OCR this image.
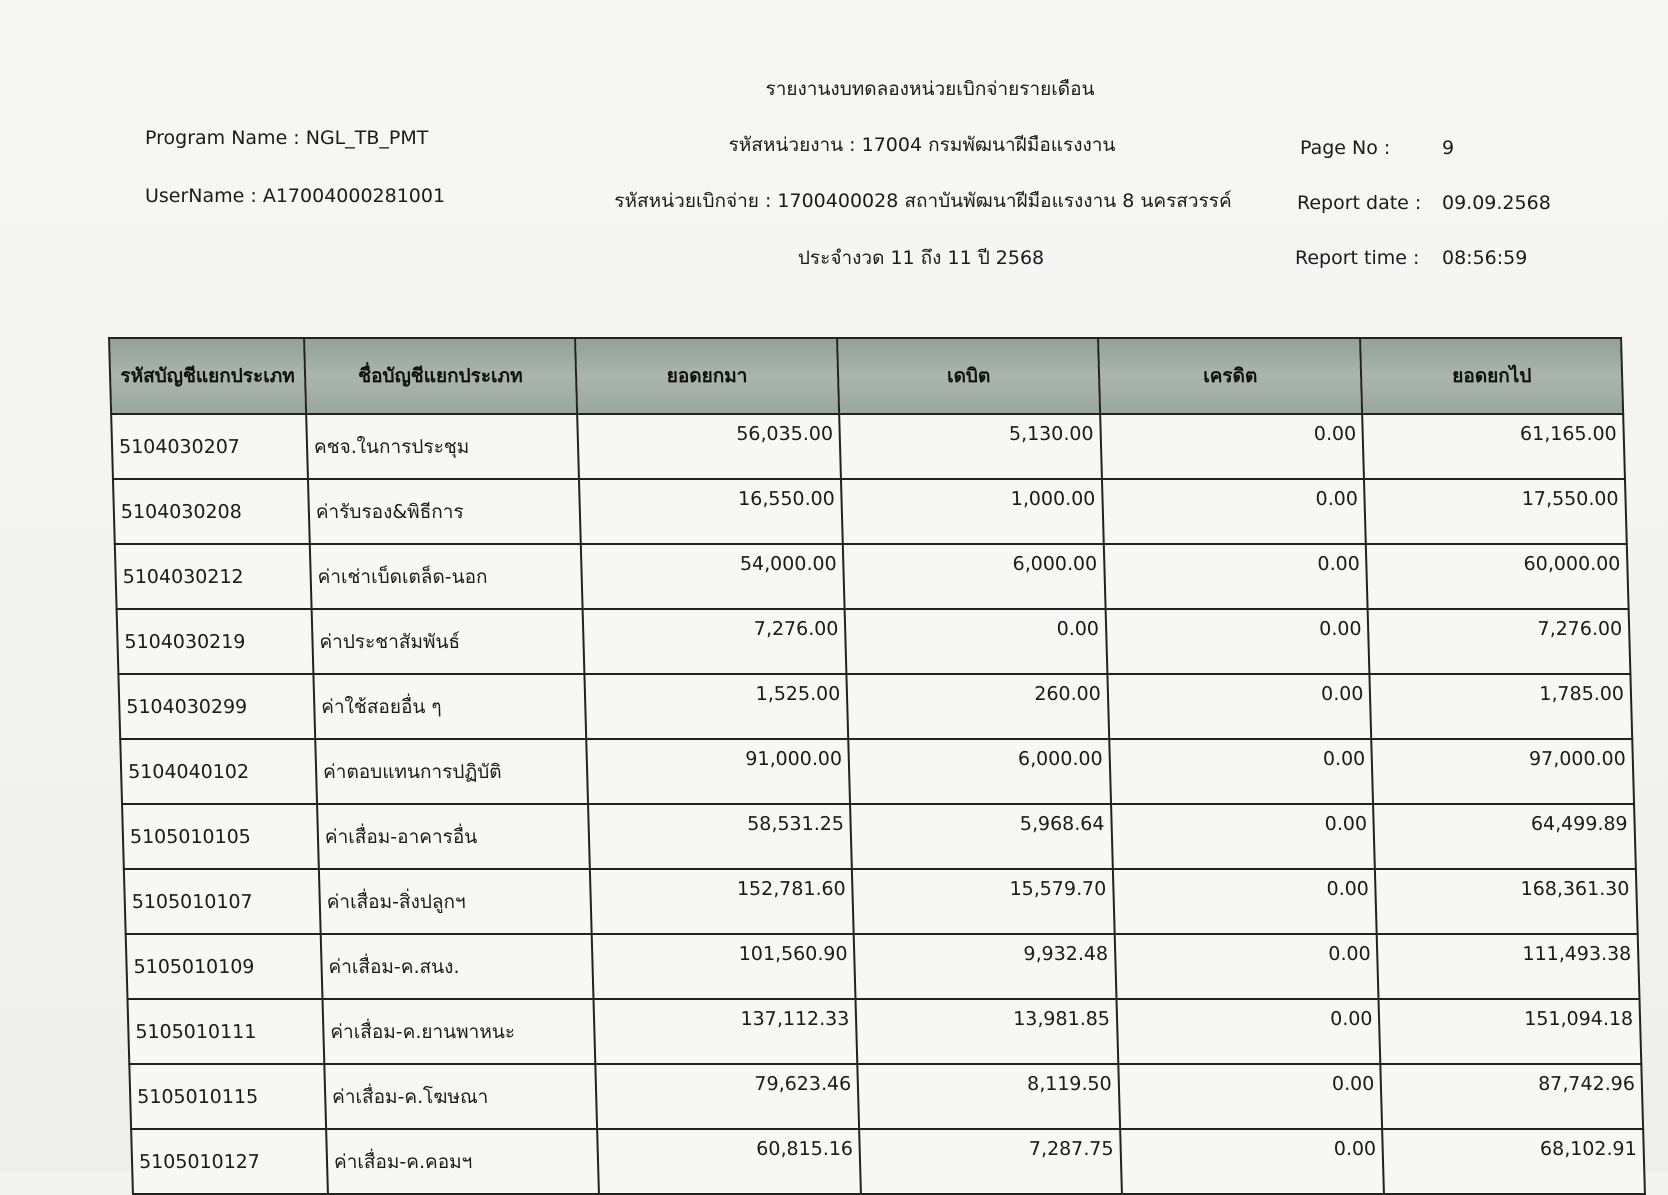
รายงานงบทดลองหน่วยเบิกจ่ายรายเดือน
Program Name : NGL_TB_PMT	รหัสหน่วยงาน : 17004 กรมพัฒนาฝีมือแรงงาน	Page No :	9
UserName : A17004000281001	รหัสหน่วยเบิกจ่าย : 1700400028 สถาบันพัฒนาฝีมือแรงงาน 8 นครสวรรค์	Report date : 09.09.2568
ประจำงวด 11 ถึง 11 ปี 2568	Report time : 08:56:59
รหัสบัญชีแยกประเภท	ชื่อบัญชีแยกประเภท	ยอดยกมา	เดบิต	เครดิต	ยอดยกไป
5104030207	คชจ.ในการประชุม	56,035.00	5,130.00	0.00	61,165.00
5104030208	ค่ารับรอง&พิธีการ	16,550.00	1,000.00	0.00	17,550.00
5104030212	ค่าเช่าเบ็ดเตล็ด-นอก	54,000.00	6,000.00	0.00	60,000.00
5104030219	ค่าประชาสัมพันธ์	7,276.00	0.00	0.00	7,276.00
5104030299	ค่าใช้สอยอื่น ๆ	1,525.00	260.00	0.00	1,785.00
5104040102	ค่าตอบแทนการปฏิบัติ	91,000.00	6,000.00	0.00	97,000.00
5105010105	ค่าเสื่อม-อาคารอื่น	58,531.25	5,968.64	0.00	64,499.89
5105010107	ค่าเสื่อม-สิ่งปลูกฯ	152,781.60	15,579.70	0.00	168,361.30
5105010109	ค่าเสื่อม-ค.สนง.	101,560.90	9,932.48	0.00	111,493.38
5105010111	ค่าเสื่อม-ค.ยานพาหนะ	137,112.33	13,981.85	0.00	151,094.18
5105010115	ค่าเสื่อม-ค.โฆษณา	79,623.46	8,119.50	0.00	87,742.96
5105010127	ค่าเสื่อม-ค.คอมฯ	60,815.16	7,287.75	0.00	68,102.91
